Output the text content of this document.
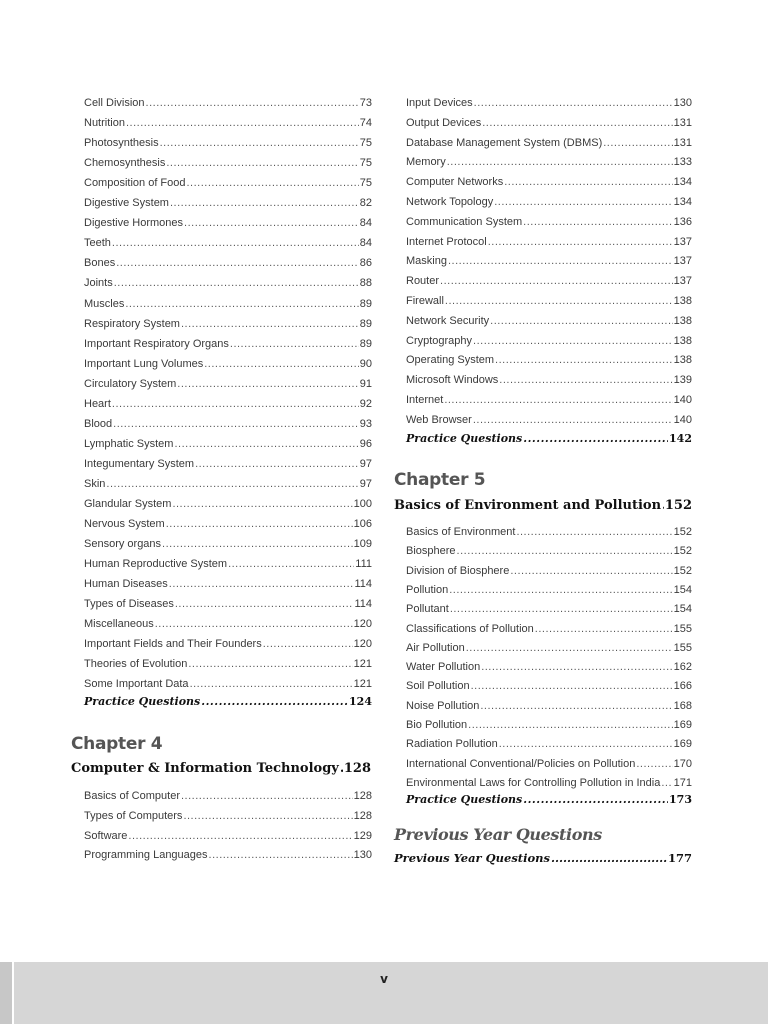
Cell Division .....	73
Nutrition .....	74
Photosynthesis .....	75
Chemosynthesis .....	75
Composition of Food .....	75
Digestive System .....	82
Digestive Hormones .....	84
Teeth .....	84
Bones .....	86
Joints .....	88
Muscles .....	89
Respiratory System .....	89
Important Respiratory Organs .....	89
Important Lung Volumes .....	90
Circulatory System .....	91
Heart .....	92
Blood .....	93
Lymphatic System .....	96
Integumentary System .....	97
Skin .....	97
Glandular System .....	100
Nervous System .....	106
Sensory organs .....	109
Human Reproductive System .....	111
Human Diseases .....	114
Types of Diseases .....	114
Miscellaneous .....	120
Important Fields and Their Founders .....	120
Theories of Evolution .....	121
Some Important Data .....	121
Practice Questions .....	124
Chapter 4
Computer & Information Technology ..... 128
Basics of Computer .....	128
Types of Computers .....	128
Software .....	129
Programming Languages .....	130
Input Devices .....	130
Output Devices .....	131
Database Management System (DBMS) .....	131
Memory .....	133
Computer Networks .....	134
Network Topology .....	134
Communication System .....	136
Internet Protocol .....	137
Masking .....	137
Router .....	137
Firewall .....	138
Network Security .....	138
Cryptography .....	138
Operating System .....	138
Microsoft Windows .....	139
Internet .....	140
Web Browser .....	140
Practice Questions .....	142
Chapter 5
Basics of Environment and Pollution ..... 152
Basics of Environment .....	152
Biosphere .....	152
Division of Biosphere .....	152
Pollution .....	154
Pollutant .....	154
Classifications of Pollution .....	155
Air Pollution .....	155
Water Pollution .....	162
Soil Pollution .....	166
Noise Pollution .....	168
Bio Pollution .....	169
Radiation Pollution .....	169
International Conventional/Policies on Pollution .....	170
Environmental Laws for Controlling Pollution in India ..... 171
Practice Questions .....	173
Previous Year Questions
Previous Year Questions .....	177
v
